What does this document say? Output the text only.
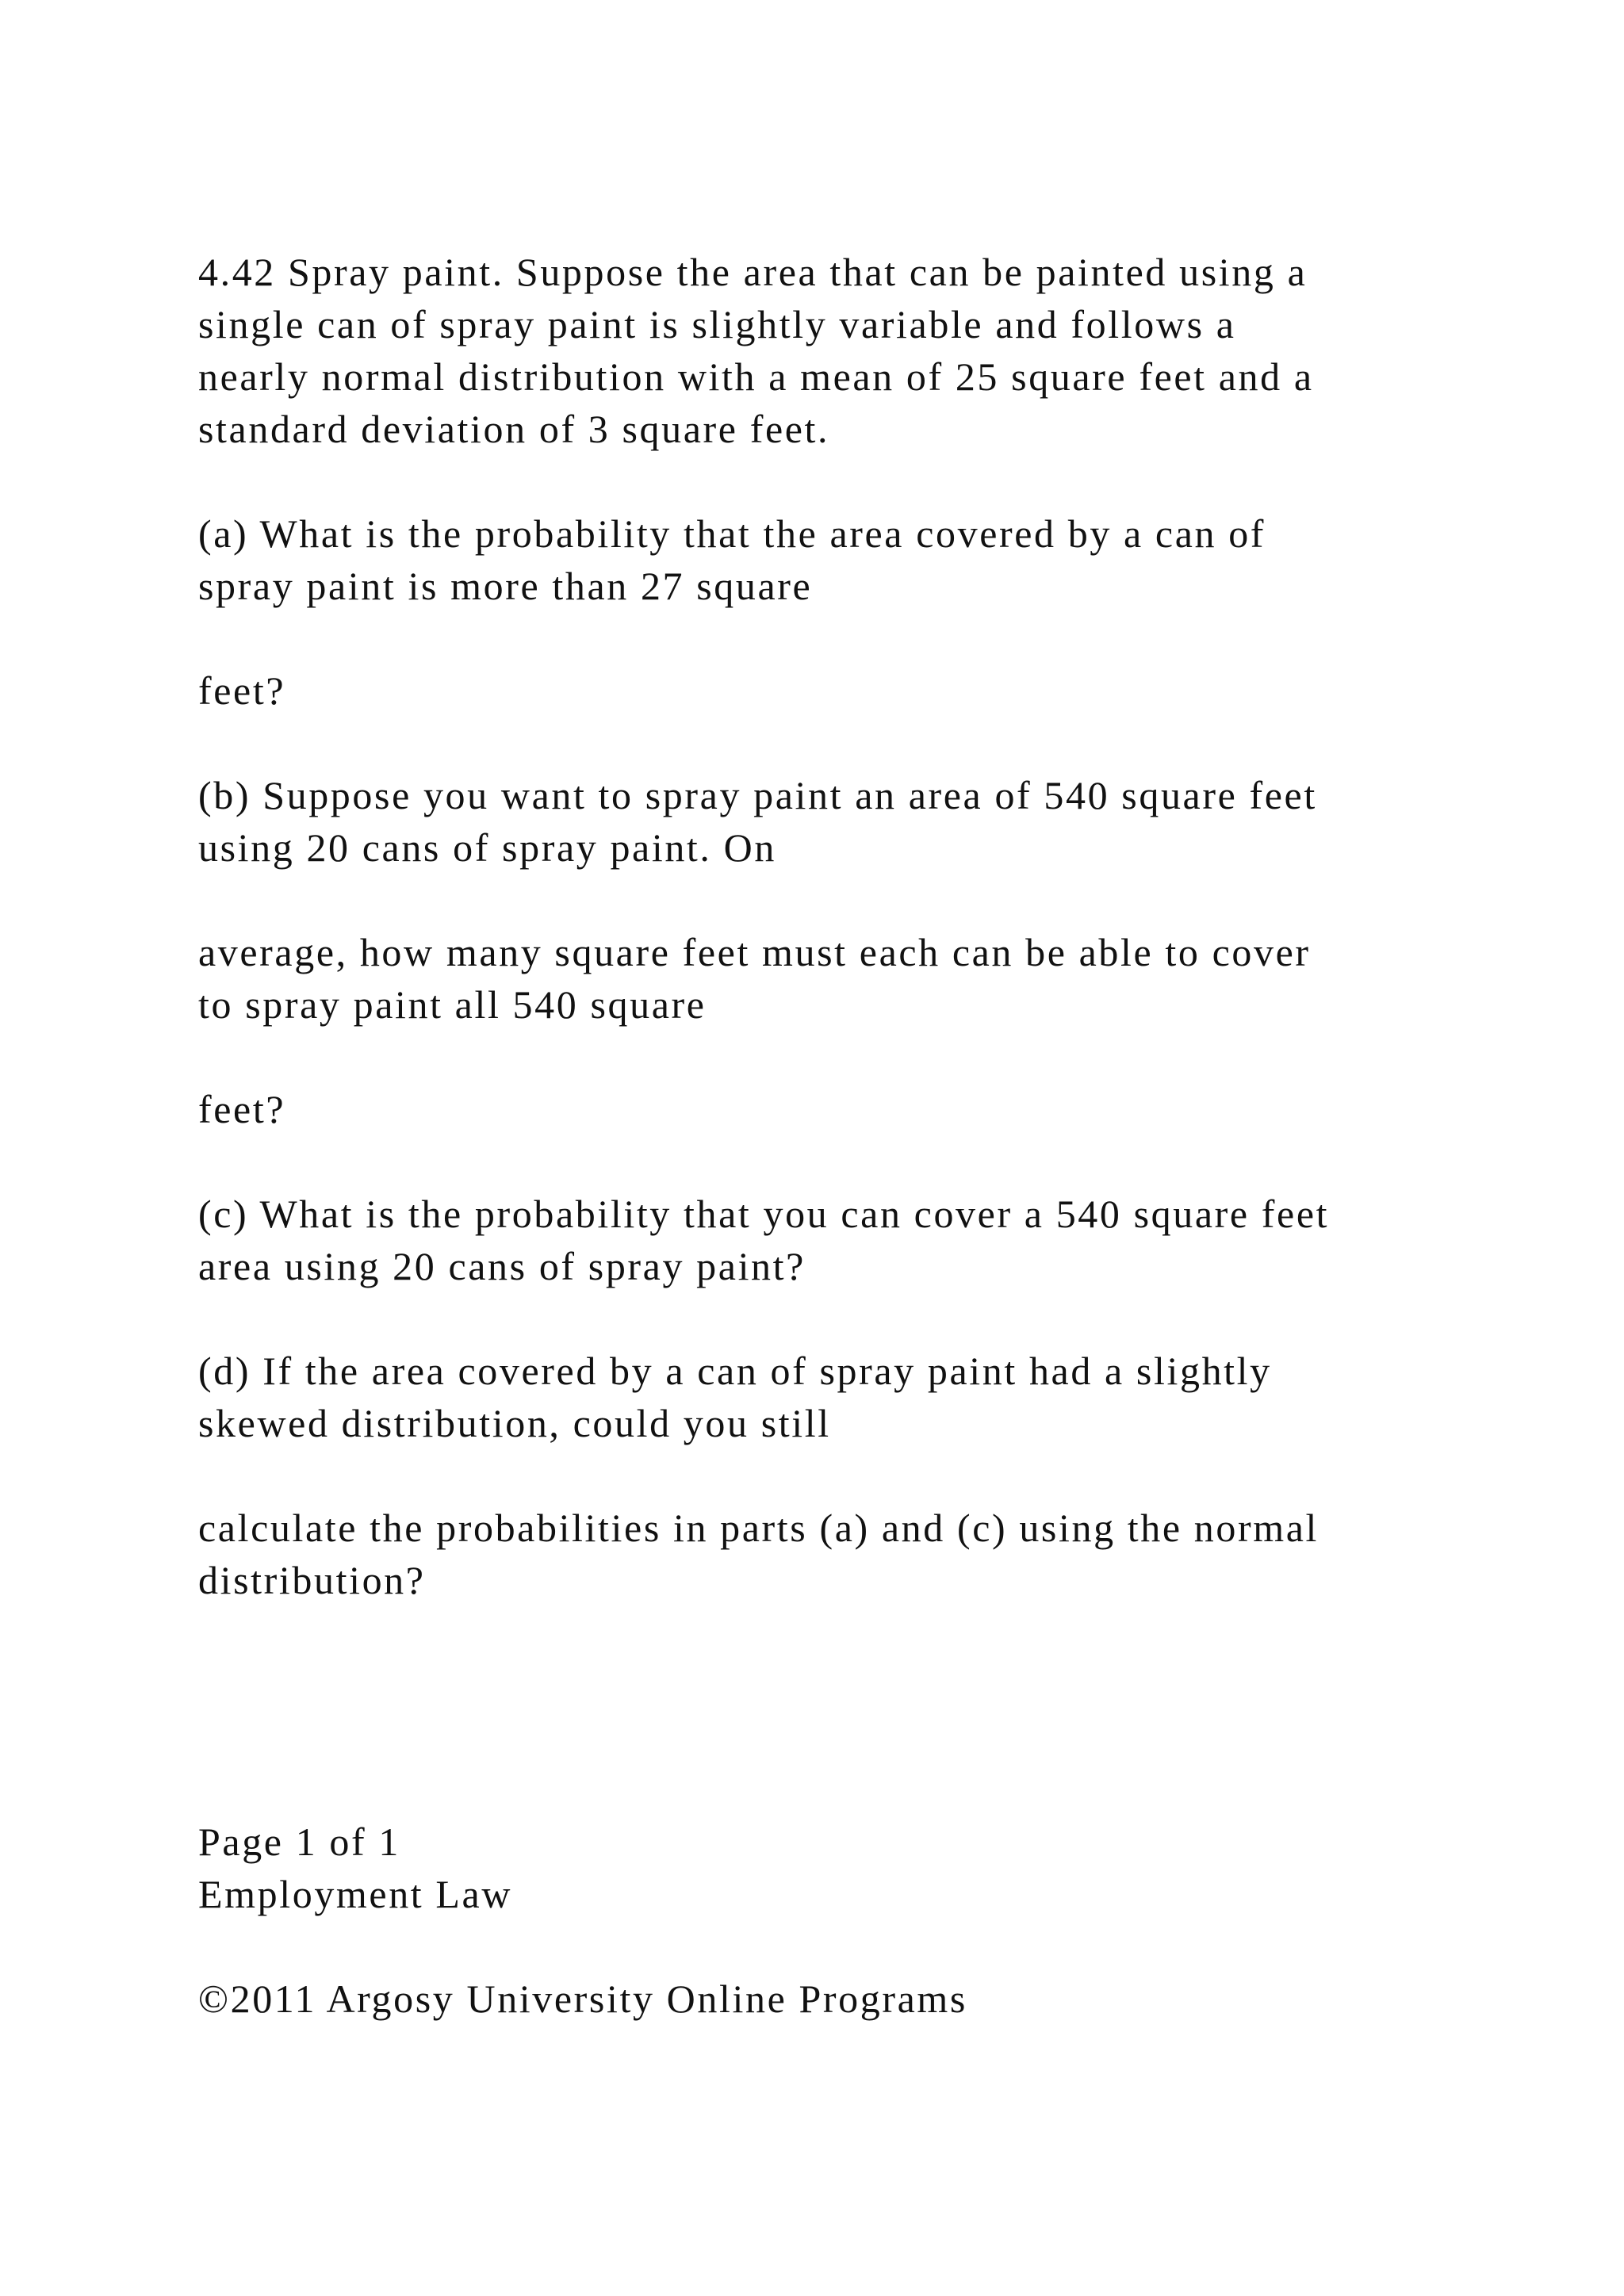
4.42 Spray paint. Suppose the area that can be painted using a
single can of spray paint is slightly variable and follows a
nearly normal distribution with a mean of 25 square feet and a
standard deviation of 3 square feet.

(a) What is the probability that the area covered by a can of
spray paint is more than 27 square

feet?

(b) Suppose you want to spray paint an area of 540 square feet
using 20 cans of spray paint. On

average, how many square feet must each can be able to cover
to spray paint all 540 square

feet?

(c) What is the probability that you can cover a 540 square feet
area using 20 cans of spray paint?

(d) If the area covered by a can of spray paint had a slightly
skewed distribution, could you still

calculate the probabilities in parts (a) and (c) using the normal
distribution?

Page 1 of 1
Employment Law
©2011 Argosy University Online Programs
